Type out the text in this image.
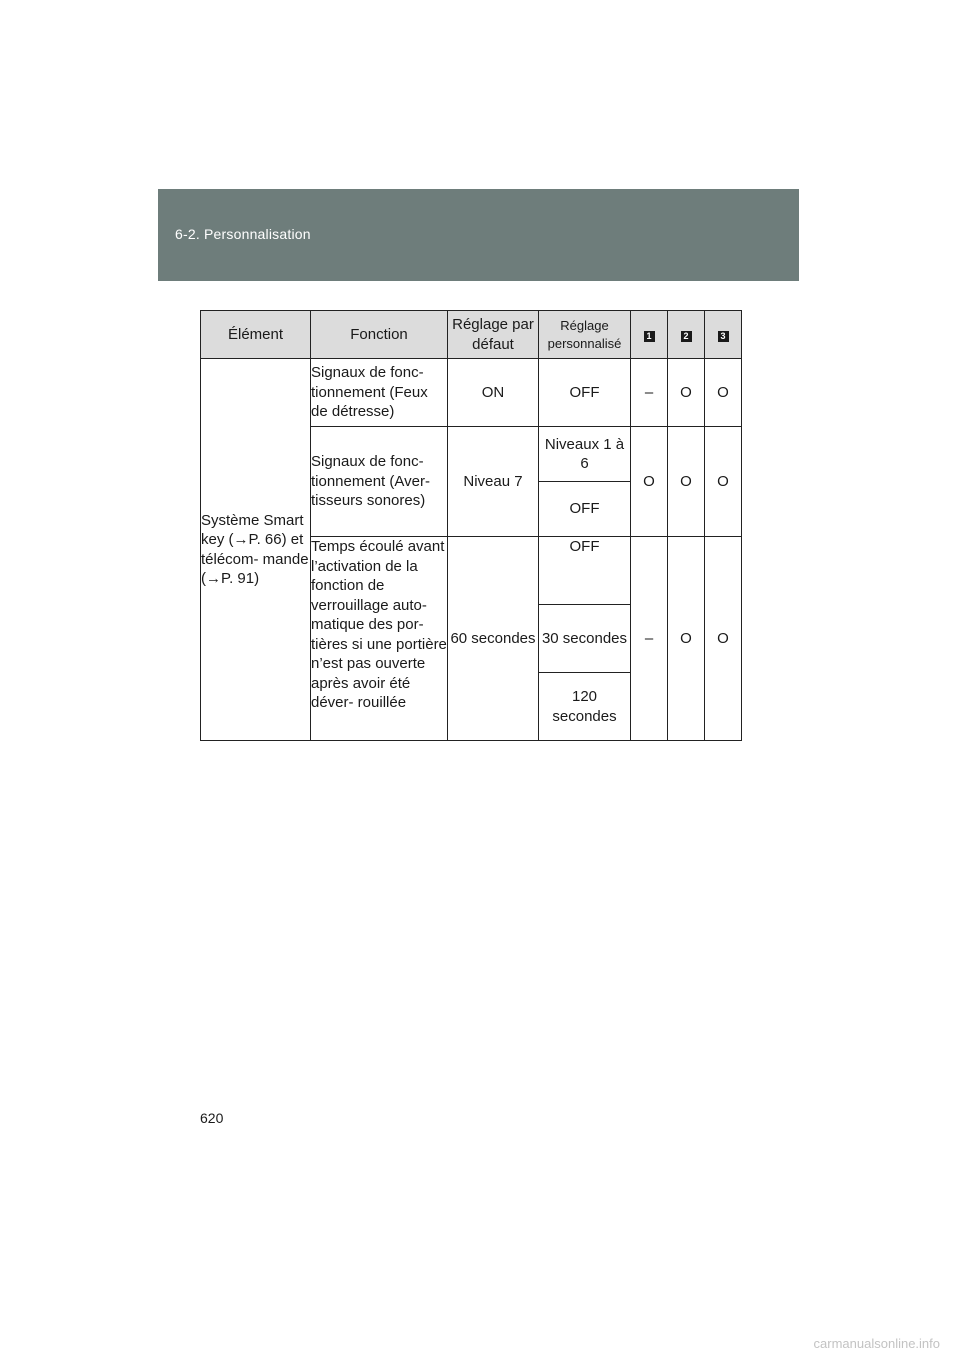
6-2. Personnalisation
Élément	Fonction	Réglage par défaut	Réglage personnalisé	1	2	3
Système Smart key (→P. 66) et télécom- mande (→P. 91)	Signaux de fonc- tionnement (Feux de détresse)	ON	OFF	–	O	O
	Signaux de fonc- tionnement (Aver- tisseurs sonores)	Niveau 7	Niveaux 1 à 6	O	O	O
			OFF			
	Temps écoulé avant l’activation de la fonction de verrouillage auto- matique des por- tières si une portière n’est pas ouverte après avoir été déver- rouillée	60 secondes	OFF	–	O	O
			30 secondes			
			120 secondes			
620
carmanualsonline.info
